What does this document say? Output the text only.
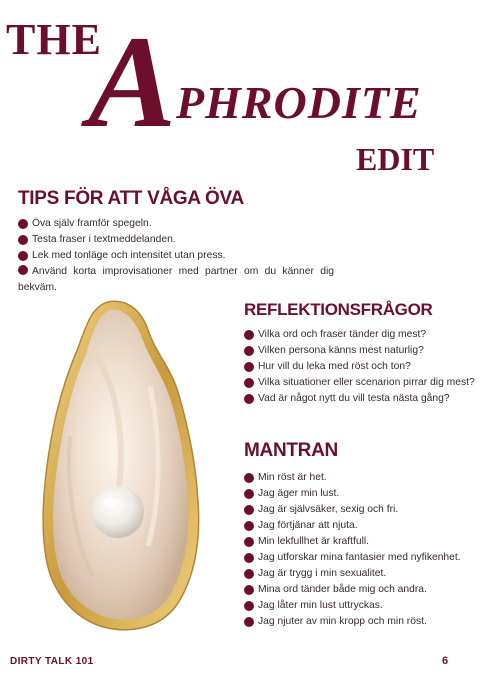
THE
A PHRODITE
EDIT
TIPS FÖR ATT VÅGA ÖVA
Öva själv framför spegeln.
Testa fraser i textmeddelanden.
Lek med tonläge och intensitet utan press.
Använd korta improvisationer med partner om du känner dig bekväm.
REFLEKTIONSFRÅGOR
Vilka ord och fraser tänder dig mest?
Vilken persona känns mest naturlig?
Hur vill du leka med röst och ton?
Vilka situationer eller scenarion pirrar dig mest?
Vad är något nytt du vill testa nästa gång?
MANTRAN
Min röst är het.
Jag äger min lust.
Jag är självsäker, sexig och fri.
Jag förtjänar att njuta.
Min lekfullhet är kraftfull.
Jag utforskar mina fantasier med nyfikenhet.
Jag är trygg i min sexualitet.
Mina ord tänder både mig och andra.
Jag låter min lust uttryckas.
Jag njuter av min kropp och min röst.
DIRTY TALK 101	6
